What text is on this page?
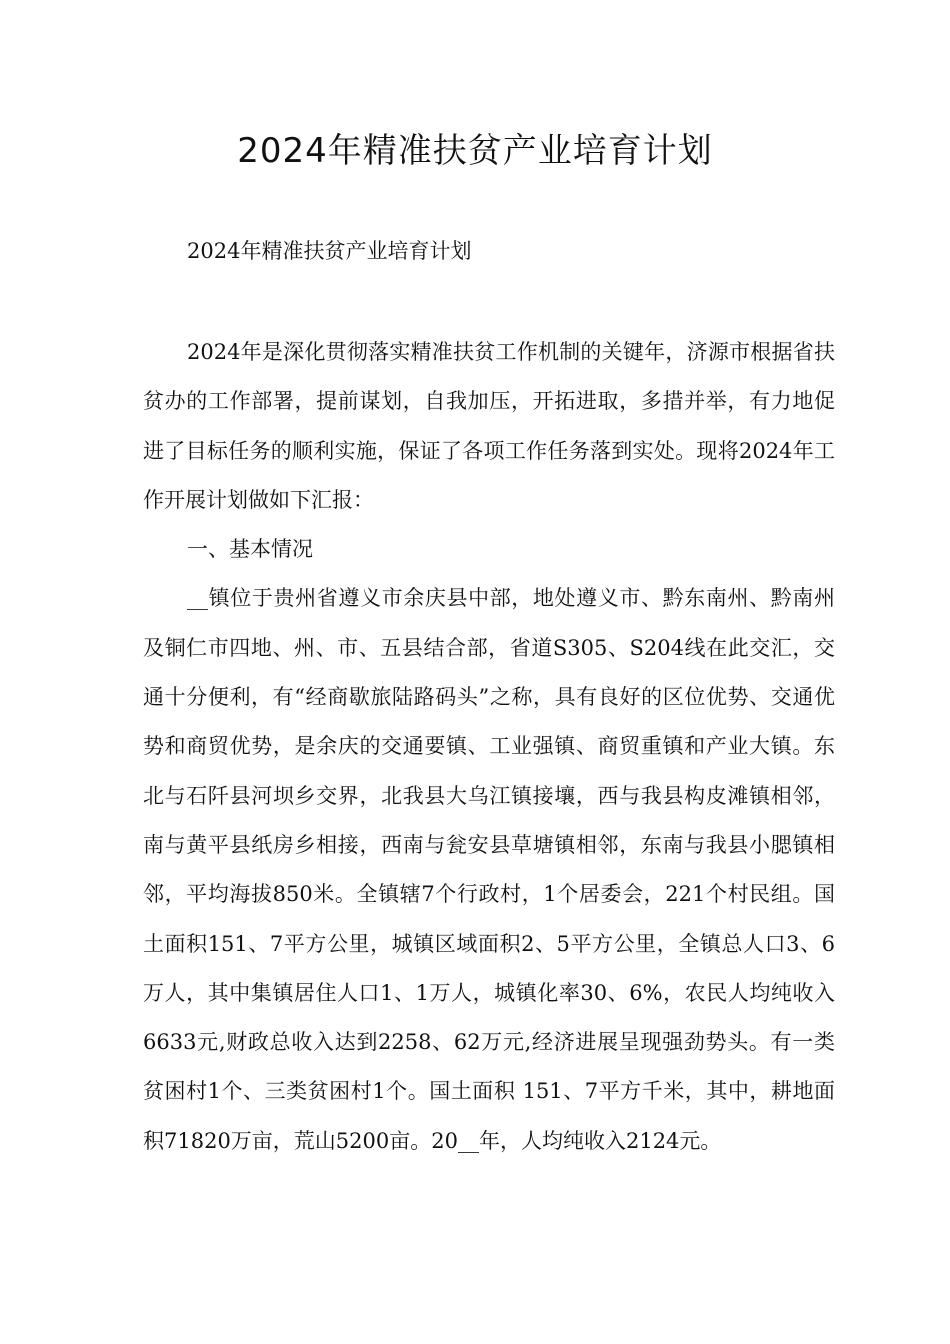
2024年精准扶贫产业培育计划

2024年精准扶贫产业培育计划

2024年是深化贯彻落实精准扶贫工作机制的关键年，济源市根据省扶贫办的工作部署，提前谋划，自我加压，开拓进取，多措并举，有力地促进了目标任务的顺利实施，保证了各项工作任务落到实处。现将2024年工作开展计划做如下汇报：

一、基本情况

__镇位于贵州省遵义市余庆县中部，地处遵义市、黔东南州、黔南州及铜仁市四地、州、市、五县结合部，省道S305、S204线在此交汇，交通十分便利，有“经商歇旅陆路码头”之称，具有良好的区位优势、交通优势和商贸优势，是余庆的交通要镇、工业强镇、商贸重镇和产业大镇。东北与石阡县河坝乡交界，北我县大乌江镇接壤，西与我县构皮滩镇相邻，南与黄平县纸房乡相接，西南与瓮安县草塘镇相邻，东南与我县小腮镇相邻，平均海拔850米。全镇辖7个行政村，1个居委会，221个村民组。国土面积151、7平方公里，城镇区域面积2、5平方公里，全镇总人口3、6万人，其中集镇居住人口1、1万人，城镇化率30、6%，农民人均纯收入6633元,财政总收入达到2258、62万元,经济进展呈现强劲势头。有一类贫困村1个、三类贫困村1个。国土面积 151、7平方千米，其中，耕地面积71820万亩，荒山5200亩。20__年，人均纯收入2124元。
